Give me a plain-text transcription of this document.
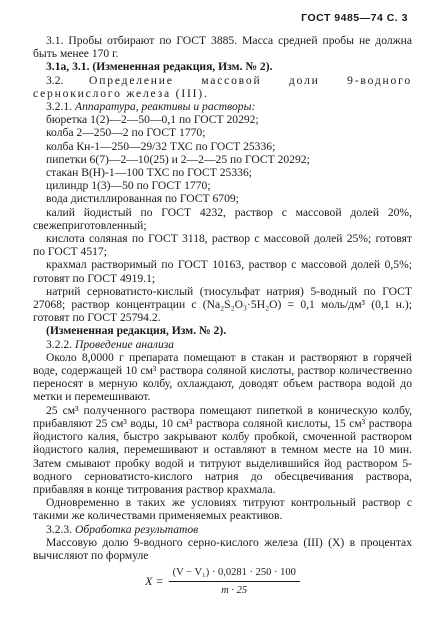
ГОСТ 9485—74 С. 3

3.1. Пробы отбирают по ГОСТ 3885. Масса средней пробы не должна быть менее 170 г.

3.1а, 3.1. (Измененная редакция, Изм. № 2).

3.2. Определение массовой доли 9-водного сернокислого железа (III).

3.2.1. Аппаратура, реактивы и растворы:

бюретка 1(2)—2—50—0,1 по ГОСТ 20292;

колба 2—250—2 по ГОСТ 1770;

колба Кн-1—250—29/32 ТХС по ГОСТ 25336;

пипетки 6(7)—2—10(25) и 2—2—25 по ГОСТ 20292;

стакан В(Н)-1—100 ТХС по ГОСТ 25336;

цилиндр 1(3)—50 по ГОСТ 1770;

вода дистиллированная по ГОСТ 6709;

калий йодистый по ГОСТ 4232, раствор с массовой долей 20%, свежеприготовленный;

кислота соляная по ГОСТ 3118, раствор с массовой долей 25%; готовят по ГОСТ 4517;

крахмал растворимый по ГОСТ 10163, раствор с массовой долей 0,5%; готовят по ГОСТ 4919.1;

натрий серноватисто-кислый (тиосульфат натрия) 5-водный по ГОСТ 27068; раствор концентрации с (Na₂S₂O₃·5H₂O) = 0,1 моль/дм³ (0,1 н.); готовят по ГОСТ 25794.2.

(Измененная редакция, Изм. № 2).

3.2.2. Проведение анализа

Около 8,0000 г препарата помещают в стакан и растворяют в горячей воде, содержащей 10 см³ раствора соляной кислоты, раствор количественно переносят в мерную колбу, охлаждают, доводят объем раствора водой до метки и перемешивают.

25 см³ полученного раствора помещают пипеткой в коническую колбу, прибавляют 25 см³ воды, 10 см³ раствора соляной кислоты, 15 см³ раствора йодистого калия, быстро закрывают колбу пробкой, смоченной раствором йодистого калия, перемешивают и оставляют в темном месте на 10 мин. Затем смывают пробку водой и титруют выделившийся йод раствором 5-водного серноватисто-кислого натрия до обесцвечивания раствора, прибавляя в конце титрования раствор крахмала.

Одновременно в таких же условиях титруют контрольный раствор с такими же количествами применяемых реактивов.

3.2.3. Обработка результатов

Массовую долю 9-водного серно-кислого железа (III) (X) в процентах вычисляют по формуле

$X = \frac{\text{(V − V₁) · 0,0281 · 250 · 100}}{m \cdot 25}$
